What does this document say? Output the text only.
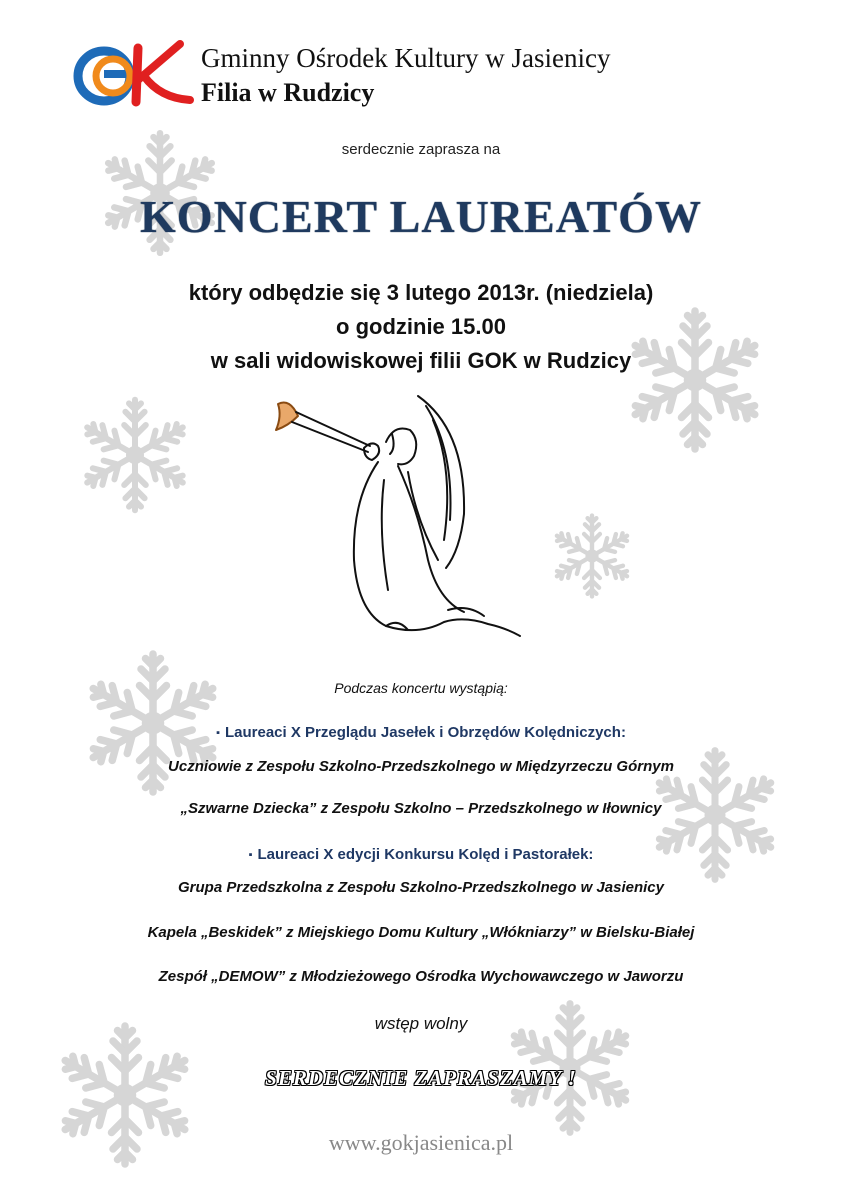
Gminny Ośrodek Kultury w Jasienicy
Filia w Rudzicy
serdecznie zaprasza na
KONCERT LAUREATÓW
który odbędzie się 3 lutego 2013r. (niedziela)
o godzinie 15.00
w sali widowiskowej filii GOK w Rudzicy
Podczas koncertu wystąpią:
▪ Laureaci X Przeglądu Jasełek i Obrzędów Kolędniczych:
Uczniowie z Zespołu Szkolno-Przedszkolnego w Międzyrzeczu Górnym
„Szwarne Dziecka” z Zespołu Szkolno – Przedszkolnego w Iłownicy
▪ Laureaci X edycji Konkursu Kolęd i Pastorałek:
Grupa Przedszkolna z Zespołu Szkolno-Przedszkolnego w Jasienicy
Kapela „Beskidek” z Miejskiego Domu Kultury „Włókniarzy” w Bielsku-Białej
Zespół „DEMOW” z Młodzieżowego Ośrodka Wychowawczego w Jaworzu
wstęp wolny
SERDECZNIE ZAPRASZAMY !
www.gokjasienica.pl
